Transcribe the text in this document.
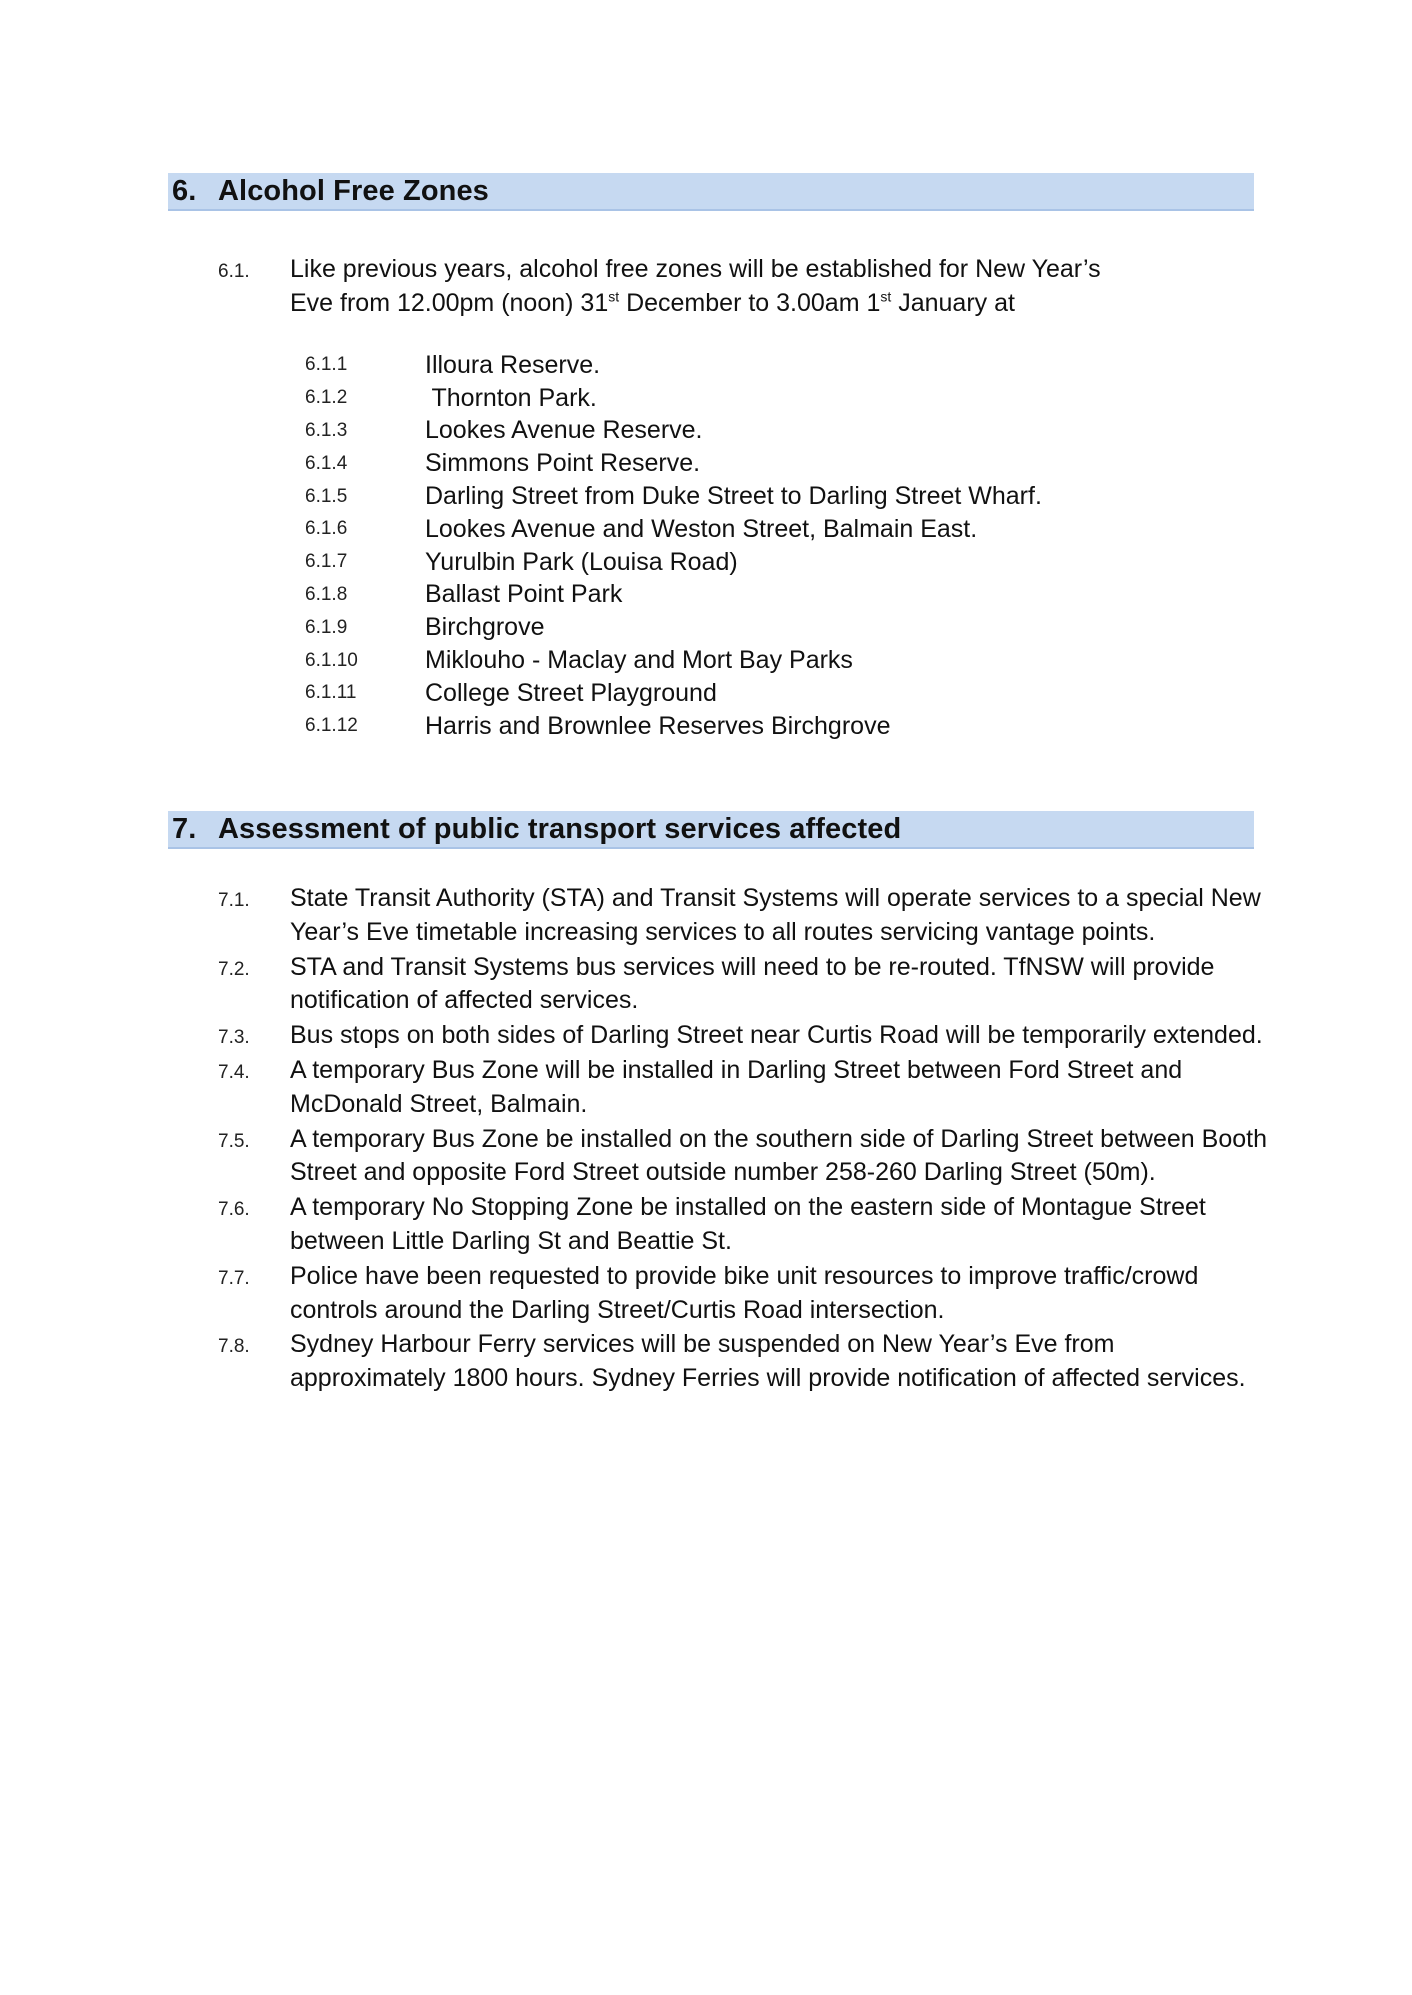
6. Alcohol Free Zones
6.1.	Like previous years, alcohol free zones will be established for New Year’s
Eve from 12.00pm (noon) 31st December to 3.00am 1st January at
6.1.1	Illoura Reserve.
6.1.2	Thornton Park.
6.1.3	Lookes Avenue Reserve.
6.1.4	Simmons Point Reserve.
6.1.5	Darling Street from Duke Street to Darling Street Wharf.
6.1.6	Lookes Avenue and Weston Street, Balmain East.
6.1.7	Yurulbin Park (Louisa Road)
6.1.8	Ballast Point Park
6.1.9	Birchgrove
6.1.10	Miklouho - Maclay and Mort Bay Parks
6.1.11	College Street Playground
6.1.12	Harris and Brownlee Reserves Birchgrove
7. Assessment of public transport services affected
7.1.	State Transit Authority (STA) and Transit Systems will operate services to a special New Year’s Eve timetable increasing services to all routes servicing vantage points.
7.2.	STA and Transit Systems bus services will need to be re-routed. TfNSW will provide notification of affected services.
7.3.	Bus stops on both sides of Darling Street near Curtis Road will be temporarily extended.
7.4.	A temporary Bus Zone will be installed in Darling Street between Ford Street and McDonald Street, Balmain.
7.5.	A temporary Bus Zone be installed on the southern side of Darling Street between Booth Street and opposite Ford Street outside number 258-260 Darling Street (50m).
7.6.	A temporary No Stopping Zone be installed on the eastern side of Montague Street between Little Darling St and Beattie St.
7.7.	Police have been requested to provide bike unit resources to improve traffic/crowd controls around the Darling Street/Curtis Road intersection.
7.8.	Sydney Harbour Ferry services will be suspended on New Year’s Eve from approximately 1800 hours. Sydney Ferries will provide notification of affected services.
